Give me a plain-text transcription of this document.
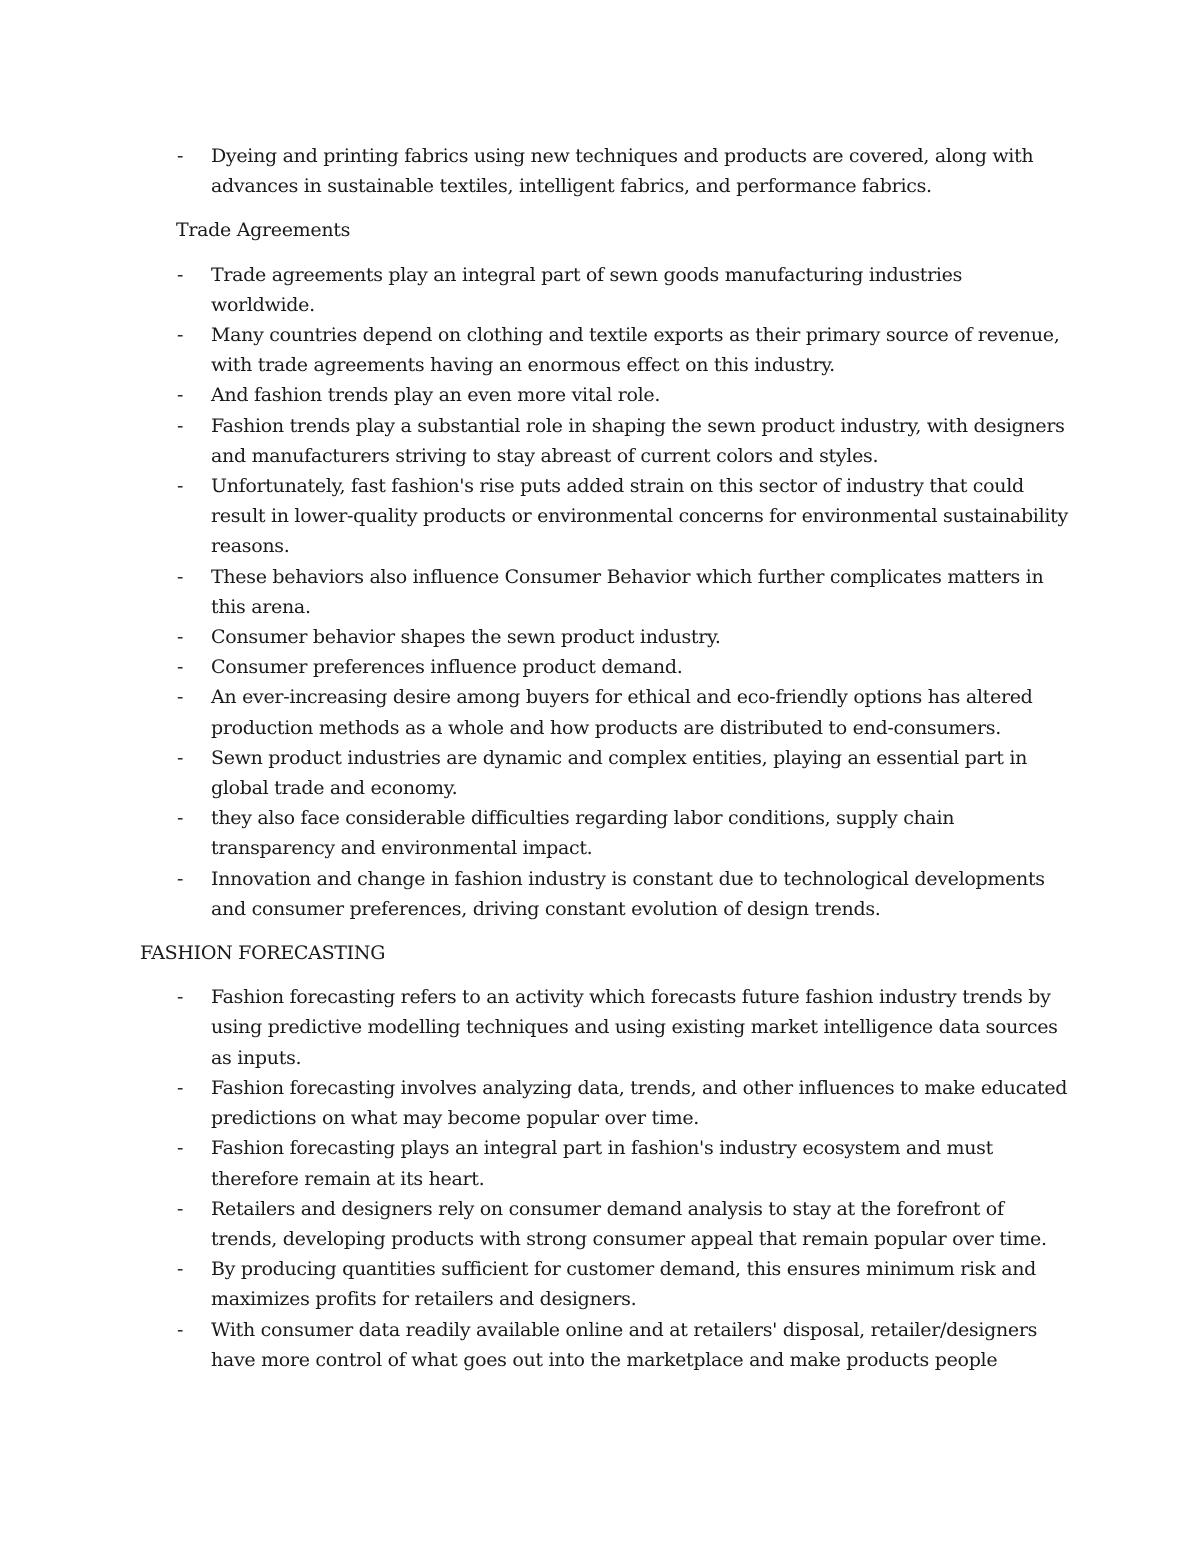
- Dyeing and printing fabrics using new techniques and products are covered, along with advances in sustainable textiles, intelligent fabrics, and performance fabrics.
Trade Agreements
- Trade agreements play an integral part of sewn goods manufacturing industries worldwide.
- Many countries depend on clothing and textile exports as their primary source of revenue, with trade agreements having an enormous effect on this industry.
- And fashion trends play an even more vital role.
- Fashion trends play a substantial role in shaping the sewn product industry, with designers and manufacturers striving to stay abreast of current colors and styles.
- Unfortunately, fast fashion's rise puts added strain on this sector of industry that could result in lower-quality products or environmental concerns for environmental sustainability reasons.
- These behaviors also influence Consumer Behavior which further complicates matters in this arena.
- Consumer behavior shapes the sewn product industry.
- Consumer preferences influence product demand.
- An ever-increasing desire among buyers for ethical and eco-friendly options has altered production methods as a whole and how products are distributed to end-consumers.
- Sewn product industries are dynamic and complex entities, playing an essential part in global trade and economy.
- they also face considerable difficulties regarding labor conditions, supply chain transparency and environmental impact.
- Innovation and change in fashion industry is constant due to technological developments and consumer preferences, driving constant evolution of design trends.
FASHION FORECASTING
- Fashion forecasting refers to an activity which forecasts future fashion industry trends by using predictive modelling techniques and using existing market intelligence data sources as inputs.
- Fashion forecasting involves analyzing data, trends, and other influences to make educated predictions on what may become popular over time.
- Fashion forecasting plays an integral part in fashion's industry ecosystem and must therefore remain at its heart.
- Retailers and designers rely on consumer demand analysis to stay at the forefront of trends, developing products with strong consumer appeal that remain popular over time.
- By producing quantities sufficient for customer demand, this ensures minimum risk and maximizes profits for retailers and designers.
- With consumer data readily available online and at retailers' disposal, retailer/designers have more control of what goes out into the marketplace and make products people
